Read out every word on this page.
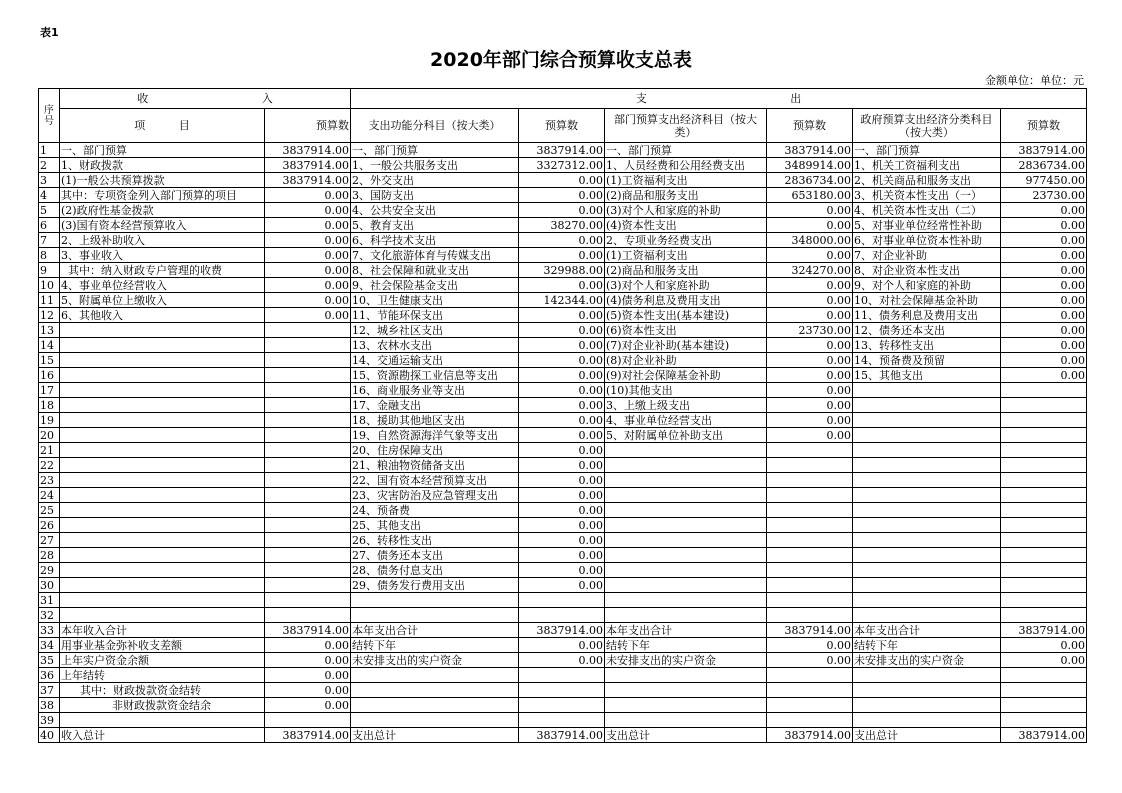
表1
2020年部门综合预算收支总表
金额单位：单位：元
序号	收 入		支 出					
	项 目	预算数	支出功能分科目（按大类）	预算数	部门预算支出经济科目（按大类）	预算数	政府预算支出经济分类科目（按大类）	预算数
1	一、部门预算	3837914.00	一、部门预算	3837914.00	一、部门预算	3837914.00	一、部门预算	3837914.00
2	1、财政拨款	3837914.00	1、一般公共服务支出	3327312.00	1、人员经费和公用经费支出	3489914.00	1、机关工资福利支出	2836734.00
3	(1)一般公共预算拨款	3837914.00	2、外交支出	0.00	(1)工资福利支出	2836734.00	2、机关商品和服务支出	977450.00
4	其中：专项资金列入部门预算的项目	0.00	3、国防支出	0.00	(2)商品和服务支出	653180.00	3、机关资本性支出（一）	23730.00
5	(2)政府性基金拨款	0.00	4、公共安全支出	0.00	(3)对个人和家庭的补助	0.00	4、机关资本性支出（二）	0.00
6	(3)国有资本经营预算收入	0.00	5、教育支出	38270.00	(4)资本性支出	0.00	5、对事业单位经常性补助	0.00
7	2、上级补助收入	0.00	6、科学技术支出	0.00	2、专项业务经费支出	348000.00	6、对事业单位资本性补助	0.00
8	3、事业收入	0.00	7、文化旅游体育与传媒支出	0.00	(1)工资福利支出	0.00	7、对企业补助	0.00
9	其中：纳入财政专户管理的收费	0.00	8、社会保障和就业支出	329988.00	(2)商品和服务支出	324270.00	8、对企业资本性支出	0.00
10	4、事业单位经营收入	0.00	9、社会保险基金支出	0.00	(3)对个人和家庭补助	0.00	9、对个人和家庭的补助	0.00
11	5、附属单位上缴收入	0.00	10、卫生健康支出	142344.00	(4)债务利息及费用支出	0.00	10、对社会保障基金补助	0.00
12	6、其他收入	0.00	11、节能环保支出	0.00	(5)资本性支出(基本建设)	0.00	11、债务利息及费用支出	0.00
13			12、城乡社区支出	0.00	(6)资本性支出	23730.00	12、债务还本支出	0.00
14			13、农林水支出	0.00	(7)对企业补助(基本建设)	0.00	13、转移性支出	0.00
15			14、交通运输支出	0.00	(8)对企业补助	0.00	14、预备费及预留	0.00
16			15、资源勘探工业信息等支出	0.00	(9)对社会保障基金补助	0.00	15、其他支出	0.00
17			16、商业服务业等支出	0.00	(10)其他支出	0.00		
18			17、金融支出	0.00	3、上缴上级支出	0.00		
19			18、援助其他地区支出	0.00	4、事业单位经营支出	0.00		
20			19、自然资源海洋气象等支出	0.00	5、对附属单位补助支出	0.00		
21			20、住房保障支出	0.00				
22			21、粮油物资储备支出	0.00				
23			22、国有资本经营预算支出	0.00				
24			23、灾害防治及应急管理支出	0.00				
25			24、预备费	0.00				
26			25、其他支出	0.00				
27			26、转移性支出	0.00				
28			27、债务还本支出	0.00				
29			28、债务付息支出	0.00				
30			29、债务发行费用支出	0.00				
31								
32								
33	本年收入合计	3837914.00	本年支出合计	3837914.00	本年支出合计	3837914.00	本年支出合计	3837914.00
34	用事业基金弥补收支差额	0.00	结转下年	0.00	结转下年	0.00	结转下年	0.00
35	上年实户资金余额	0.00	未安排支出的实户资金	0.00	未安排支出的实户资金	0.00	未安排支出的实户资金	0.00
36	上年结转	0.00						
37	其中：财政拨款资金结转	0.00						
38	非财政拨款资金结余	0.00						
39								
40	收入总计	3837914.00	支出总计	3837914.00	支出总计	3837914.00	支出总计	3837914.00
